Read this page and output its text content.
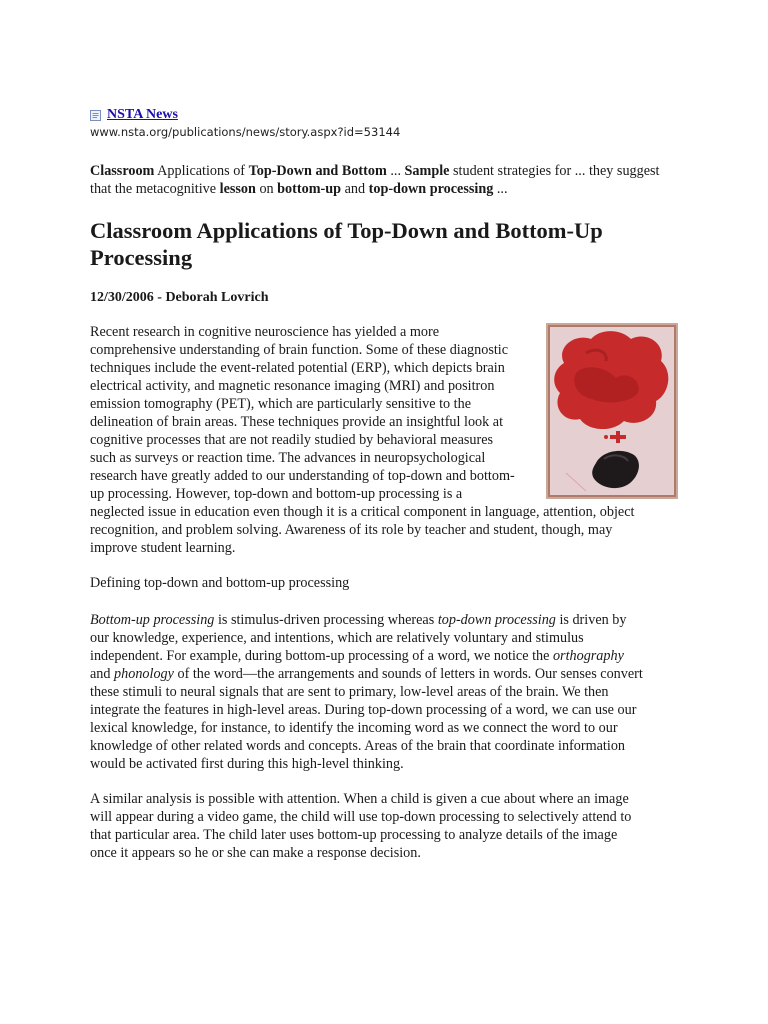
NSTA News
www.nsta.org/publications/news/story.aspx?id=53144
Classroom Applications of Top-Down and Bottom ... Sample student strategies for ... they suggest that the metacognitive lesson on bottom-up and top-down processing ...
Classroom Applications of Top-Down and Bottom-Up Processing
12/30/2006 - Deborah Lovrich
Recent research in cognitive neuroscience has yielded a more
comprehensive understanding of brain function. Some of these diagnostic
techniques include the event-related potential (ERP), which depicts brain
electrical activity, and magnetic resonance imaging (MRI) and positron
emission tomography (PET), which are particularly sensitive to the
delineation of brain areas. These techniques provide an insightful look at
cognitive processes that are not readily studied by behavioral measures
such as surveys or reaction time. The advances in neuropsychological
research have greatly added to our understanding of top-down and bottom-
up processing. However, top-down and bottom-up processing is a
neglected issue in education even though it is a critical component in language, attention, object
recognition, and problem solving. Awareness of its role by teacher and student, though, may
improve student learning.
Defining top-down and bottom-up processing
Bottom-up processing is stimulus-driven processing whereas top-down processing is driven by
our knowledge, experience, and intentions, which are relatively voluntary and stimulus
independent. For example, during bottom-up processing of a word, we notice the orthography
and phonology of the word—the arrangements and sounds of letters in words. Our senses convert
these stimuli to neural signals that are sent to primary, low-level areas of the brain. We then
integrate the features in high-level areas. During top-down processing of a word, we can use our
lexical knowledge, for instance, to identify the incoming word as we connect the word to our
knowledge of other related words and concepts. Areas of the brain that coordinate information
would be activated first during this high-level thinking.
A similar analysis is possible with attention. When a child is given a cue about where an image
will appear during a video game, the child will use top-down processing to selectively attend to
that particular area. The child later uses bottom-up processing to analyze details of the image
once it appears so he or she can make a response decision.
